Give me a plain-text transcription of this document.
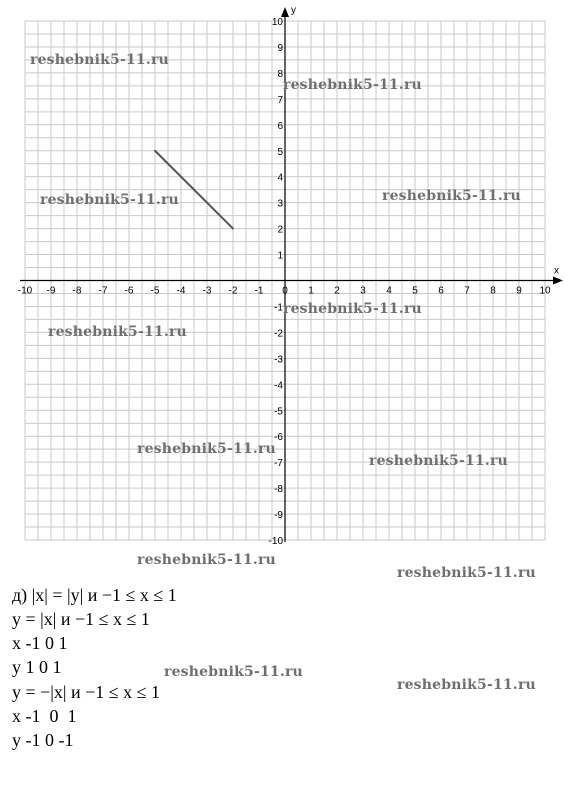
x
y
-10 -9 -8 -7 -6 -5 -4 -3 -2 -1 0 1 2 3 4 5 6 7 8 9 10
10
9
8
7
6
5
4
3
2
1
-1
-2
-3
-4
-5
-6
-7
-8
-9
-10
reshebnik5-11.ru
reshebnik5-11.ru
reshebnik5-11.ru	reshebnik5-11.ru
reshebnik5-11.ru
reshebnik5-11.ru
reshebnik5-11.ru
reshebnik5-11.ru
reshebnik5-11.ru
reshebnik5-11.ru
reshebnik5-11.ru
reshebnik5-11.ru
д) |x| = |y| и −1 ≤ x ≤ 1
y = |x| и −1 ≤ x ≤ 1
x -1 0 1
y 1 0 1
y = −|x| и −1 ≤ x ≤ 1
x -1  0  1
y -1 0 -1
